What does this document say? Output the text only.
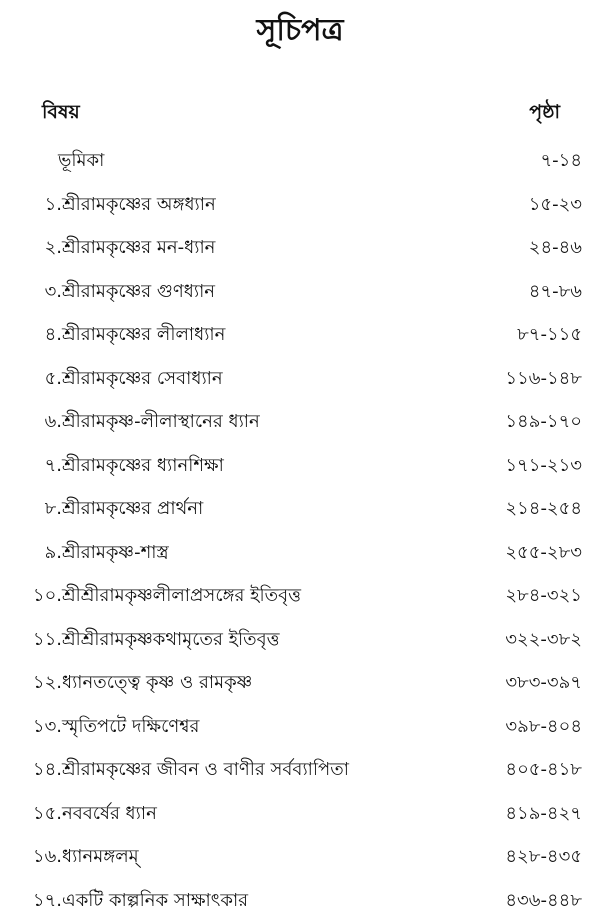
সূচিপত্র
বিষয়	পৃষ্ঠা
ভূমিকা	৭-১৪
১. শ্রীরামকৃষ্ণের অঙ্গধ্যান	১৫-২৩
২. শ্রীরামকৃষ্ণের মন-ধ্যান	২৪-৪৬
৩. শ্রীরামকৃষ্ণের গুণধ্যান	৪৭-৮৬
৪. শ্রীরামকৃষ্ণের লীলাধ্যান	৮৭-১১৫
৫. শ্রীরামকৃষ্ণের সেবাধ্যান	১১৬-১৪৮
৬. শ্রীরামকৃষ্ণ-লীলাস্থানের ধ্যান	১৪৯-১৭০
৭. শ্রীরামকৃষ্ণের ধ্যানশিক্ষা	১৭১-২১৩
৮. শ্রীরামকৃষ্ণের প্রার্থনা	২১৪-২৫৪
৯. শ্রীরামকৃষ্ণ-শাস্ত্র	২৫৫-২৮৩
১০. শ্রীশ্রীরামকৃষ্ণলীলাপ্রসঙ্গের ইতিবৃত্ত	২৮৪-৩২১
১১. শ্রীশ্রীরামকৃষ্ণকথামৃতের ইতিবৃত্ত	৩২২-৩৮২
১২. ধ্যানতত্ত্বে কৃষ্ণ ও রামকৃষ্ণ	৩৮৩-৩৯৭
১৩. স্মৃতিপটে দক্ষিণেশ্বর	৩৯৮-৪০৪
১৪. শ্রীরামকৃষ্ণের জীবন ও বাণীর সর্বব্যাপিতা	৪০৫-৪১৮
১৫. নববর্ষের ধ্যান	৪১৯-৪২৭
১৬. ধ্যানমঙ্গলম্	৪২৮-৪৩৫
১৭. একটি কাল্পনিক সাক্ষাৎকার	৪৩৬-৪৪৮
